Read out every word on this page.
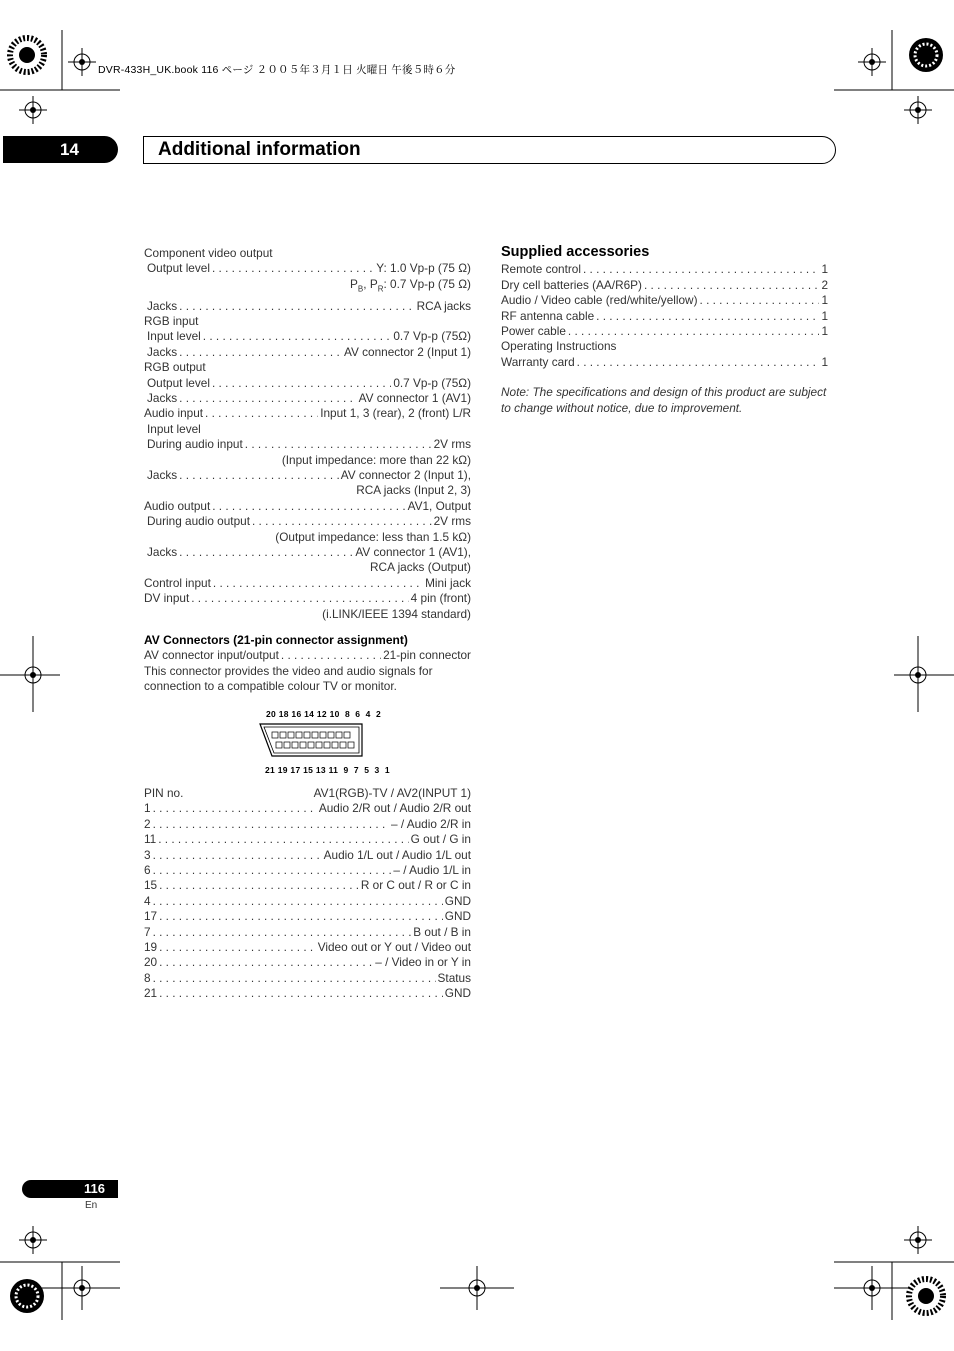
DVR-433H_UK.book 116 ページ ２００５年３月１日 火曜日 午後５時６分
14	Additional information
Component video output
Output level . . .	Y: 1.0 Vp-p (75 Ω)
$P_B$, $P_R$: 0.7 Vp-p (75 Ω)
Jacks . . .	RCA jacks
RGB input
Input level . . .	0.7 Vp-p (75Ω)
Jacks . . .	AV connector 2 (Input 1)
RGB output
Output level . . .	0.7 Vp-p (75Ω)
Jacks . . .	AV connector 1 (AV1)
Audio input . . .	Input 1, 3 (rear), 2 (front) L/R
Input level
During audio input . . .	2V rms
(Input impedance: more than 22 kΩ)
Jacks . . .	AV connector 2 (Input 1),
RCA jacks (Input 2, 3)
Audio output . . .	AV1, Output
During audio output . . .	2V rms
(Output impedance: less than 1.5 kΩ)
Jacks . . .	AV connector 1 (AV1),
RCA jacks (Output)
Control input . . .	Mini jack
DV input . . .	4 pin (front)
(i.LINK/IEEE 1394 standard)
AV Connectors (21-pin connector assignment)
AV connector input/output . . .	21-pin connector
This connector provides the video and audio signals for
connection to a compatible colour TV or monitor.
20 18 16 14 12 10  8  6  4  2
21 19 17 15 13 11  9  7  5  3  1
PIN no.	AV1(RGB)-TV / AV2(INPUT 1)
1 . . .	Audio 2/R out / Audio 2/R out
2 . . .	– / Audio 2/R in
11 . . .	G out / G in
3 . . .	Audio 1/L out / Audio 1/L out
6 . . .	– / Audio 1/L in
15 . . .	R or C out / R or C in
4 . . .	GND
17 . . .	GND
7 . . .	B out / B in
19 . . .	Video out or Y out / Video out
20 . . .	– / Video in or Y in
8 . . .	Status
21 . . .	GND
Supplied accessories
Remote control . . .	1
Dry cell batteries (AA/R6P) . . .	2
Audio / Video cable (red/white/yellow) . . .	1
RF antenna cable . . .	1
Power cable . . .	1
Operating Instructions
Warranty card . . .	1
Note: The specifications and design of this product are subject to change without notice, due to improvement.
116
En
